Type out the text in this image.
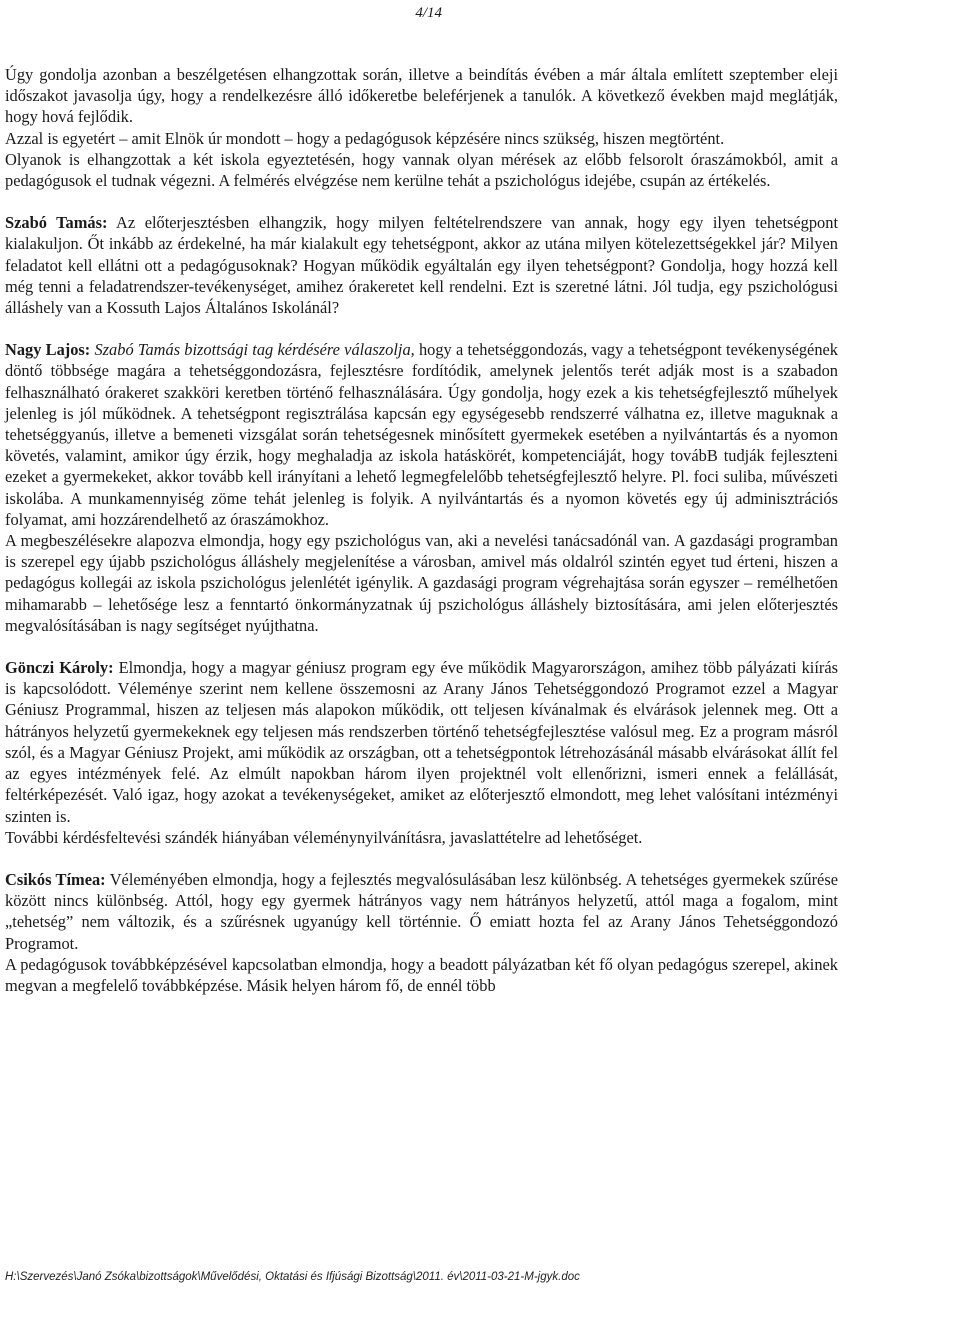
4/14

Úgy gondolja azonban a beszélgetésen elhangzottak során, illetve a beindítás évében a már általa említett szeptember eleji időszakot javasolja úgy, hogy a rendelkezésre álló időkeretbe beleférjenek a tanulók. A következő években majd meglátják, hogy hová fejlődik.

Azzal is egyetért – amit Elnök úr mondott – hogy a pedagógusok képzésére nincs szükség, hiszen megtörtént.

Olyanok is elhangzottak a két iskola egyeztetésén, hogy vannak olyan mérések az előbb felsorolt óraszámokból, amit a pedagógusok el tudnak végezni. A felmérés elvégzése nem kerülne tehát a pszichológus idejébe, csupán az értékelés.

Szabó Tamás: Az előterjesztésben elhangzik, hogy milyen feltételrendszere van annak, hogy egy ilyen tehetségpont kialakuljon. Őt inkább az érdekelné, ha már kialakult egy tehetségpont, akkor az utána milyen kötelezettségekkel jár? Milyen feladatot kell ellátni ott a pedagógusoknak? Hogyan működik egyáltalán egy ilyen tehetségpont? Gondolja, hogy hozzá kell még tenni a feladatrendszer-tevékenységet, amihez órakeretet kell rendelni. Ezt is szeretné látni. Jól tudja, egy pszichológusi álláshely van a Kossuth Lajos Általános Iskolánál?

Nagy Lajos: Szabó Tamás bizottsági tag kérdésére válaszolja, hogy a tehetséggondozás, vagy a tehetségpont tevékenységének döntő többsége magára a tehetséggondozásra, fejlesztésre fordítódik, amelynek jelentős terét adják most is a szabadon felhasználható órakeret szakköri keretben történő felhasználására. Úgy gondolja, hogy ezek a kis tehetségfejlesztő műhelyek jelenleg is jól működnek. A tehetségpont regisztrálása kapcsán egy egységesebb rendszerré válhatna ez, illetve maguknak a tehetséggyanús, illetve a bemeneti vizsgálat során tehetségesnek minősített gyermekek esetében a nyilvántartás és a nyomon követés, valamint, amikor úgy érzik, hogy meghaladja az iskola hatáskörét, kompetenciáját, hogy továbB tudják fejleszteni ezeket a gyermekeket, akkor tovább kell irányítani a lehető legmegfelelőbb tehetségfejlesztő helyre. Pl. foci suliba, művészeti iskolába. A munkamennyiség zöme tehát jelenleg is folyik. A nyilvántartás és a nyomon követés egy új adminisztrációs folyamat, ami hozzárendelhető az óraszámokhoz.

A megbeszélésekre alapozva elmondja, hogy egy pszichológus van, aki a nevelési tanácsadónál van. A gazdasági programban is szerepel egy újabb pszichológus álláshely megjelenítése a városban, amivel más oldalról szintén egyet tud érteni, hiszen a pedagógus kollegái az iskola pszichológus jelenlétét igénylik. A gazdasági program végrehajtása során egyszer – remélhetően mihamarabb – lehetősége lesz a fenntartó önkormányzatnak új pszichológus álláshely biztosítására, ami jelen előterjesztés megvalósításában is nagy segítséget nyújthatna.

Gönczi Károly: Elmondja, hogy a magyar géniusz program egy éve működik Magyarországon, amihez több pályázati kiírás is kapcsolódott. Véleménye szerint nem kellene összemosni az Arany János Tehetséggondozó Programot ezzel a Magyar Géniusz Programmal, hiszen az teljesen más alapokon működik, ott teljesen kívánalmak és elvárások jelennek meg. Ott a hátrányos helyzetű gyermekeknek egy teljesen más rendszerben történő tehetségfejlesztése valósul meg. Ez a program másról szól, és a Magyar Géniusz Projekt, ami működik az országban, ott a tehetségpontok létrehozásánál másabb elvárásokat állít fel az egyes intézmények felé. Az elmúlt napokban három ilyen projektnél volt ellenőrizni, ismeri ennek a felállását, feltérképezését. Való igaz, hogy azokat a tevékenységeket, amiket az előterjesztő elmondott, meg lehet valósítani intézményi szinten is.

További kérdésfeltevési szándék hiányában véleménynyilvánításra, javaslattételre ad lehetőséget.

Csikós Tímea: Véleményében elmondja, hogy a fejlesztés megvalósulásában lesz különbség. A tehetséges gyermekek szűrése között nincs különbség. Attól, hogy egy gyermek hátrányos vagy nem hátrányos helyzetű, attól maga a fogalom, mint „tehetség” nem változik, és a szűrésnek ugyanúgy kell történnie. Ő emiatt hozta fel az Arany János Tehetséggondozó Programot.

A pedagógusok továbbképzésével kapcsolatban elmondja, hogy a beadott pályázatban két fő olyan pedagógus szerepel, akinek megvan a megfelelő továbbképzése. Másik helyen három fő, de ennél több

H:\Szervezés\Janó Zsóka\bizottságok\Művelődési, Oktatási és Ifjúsági Bizottság\2011. év\2011-03-21-M-jgyk.doc
